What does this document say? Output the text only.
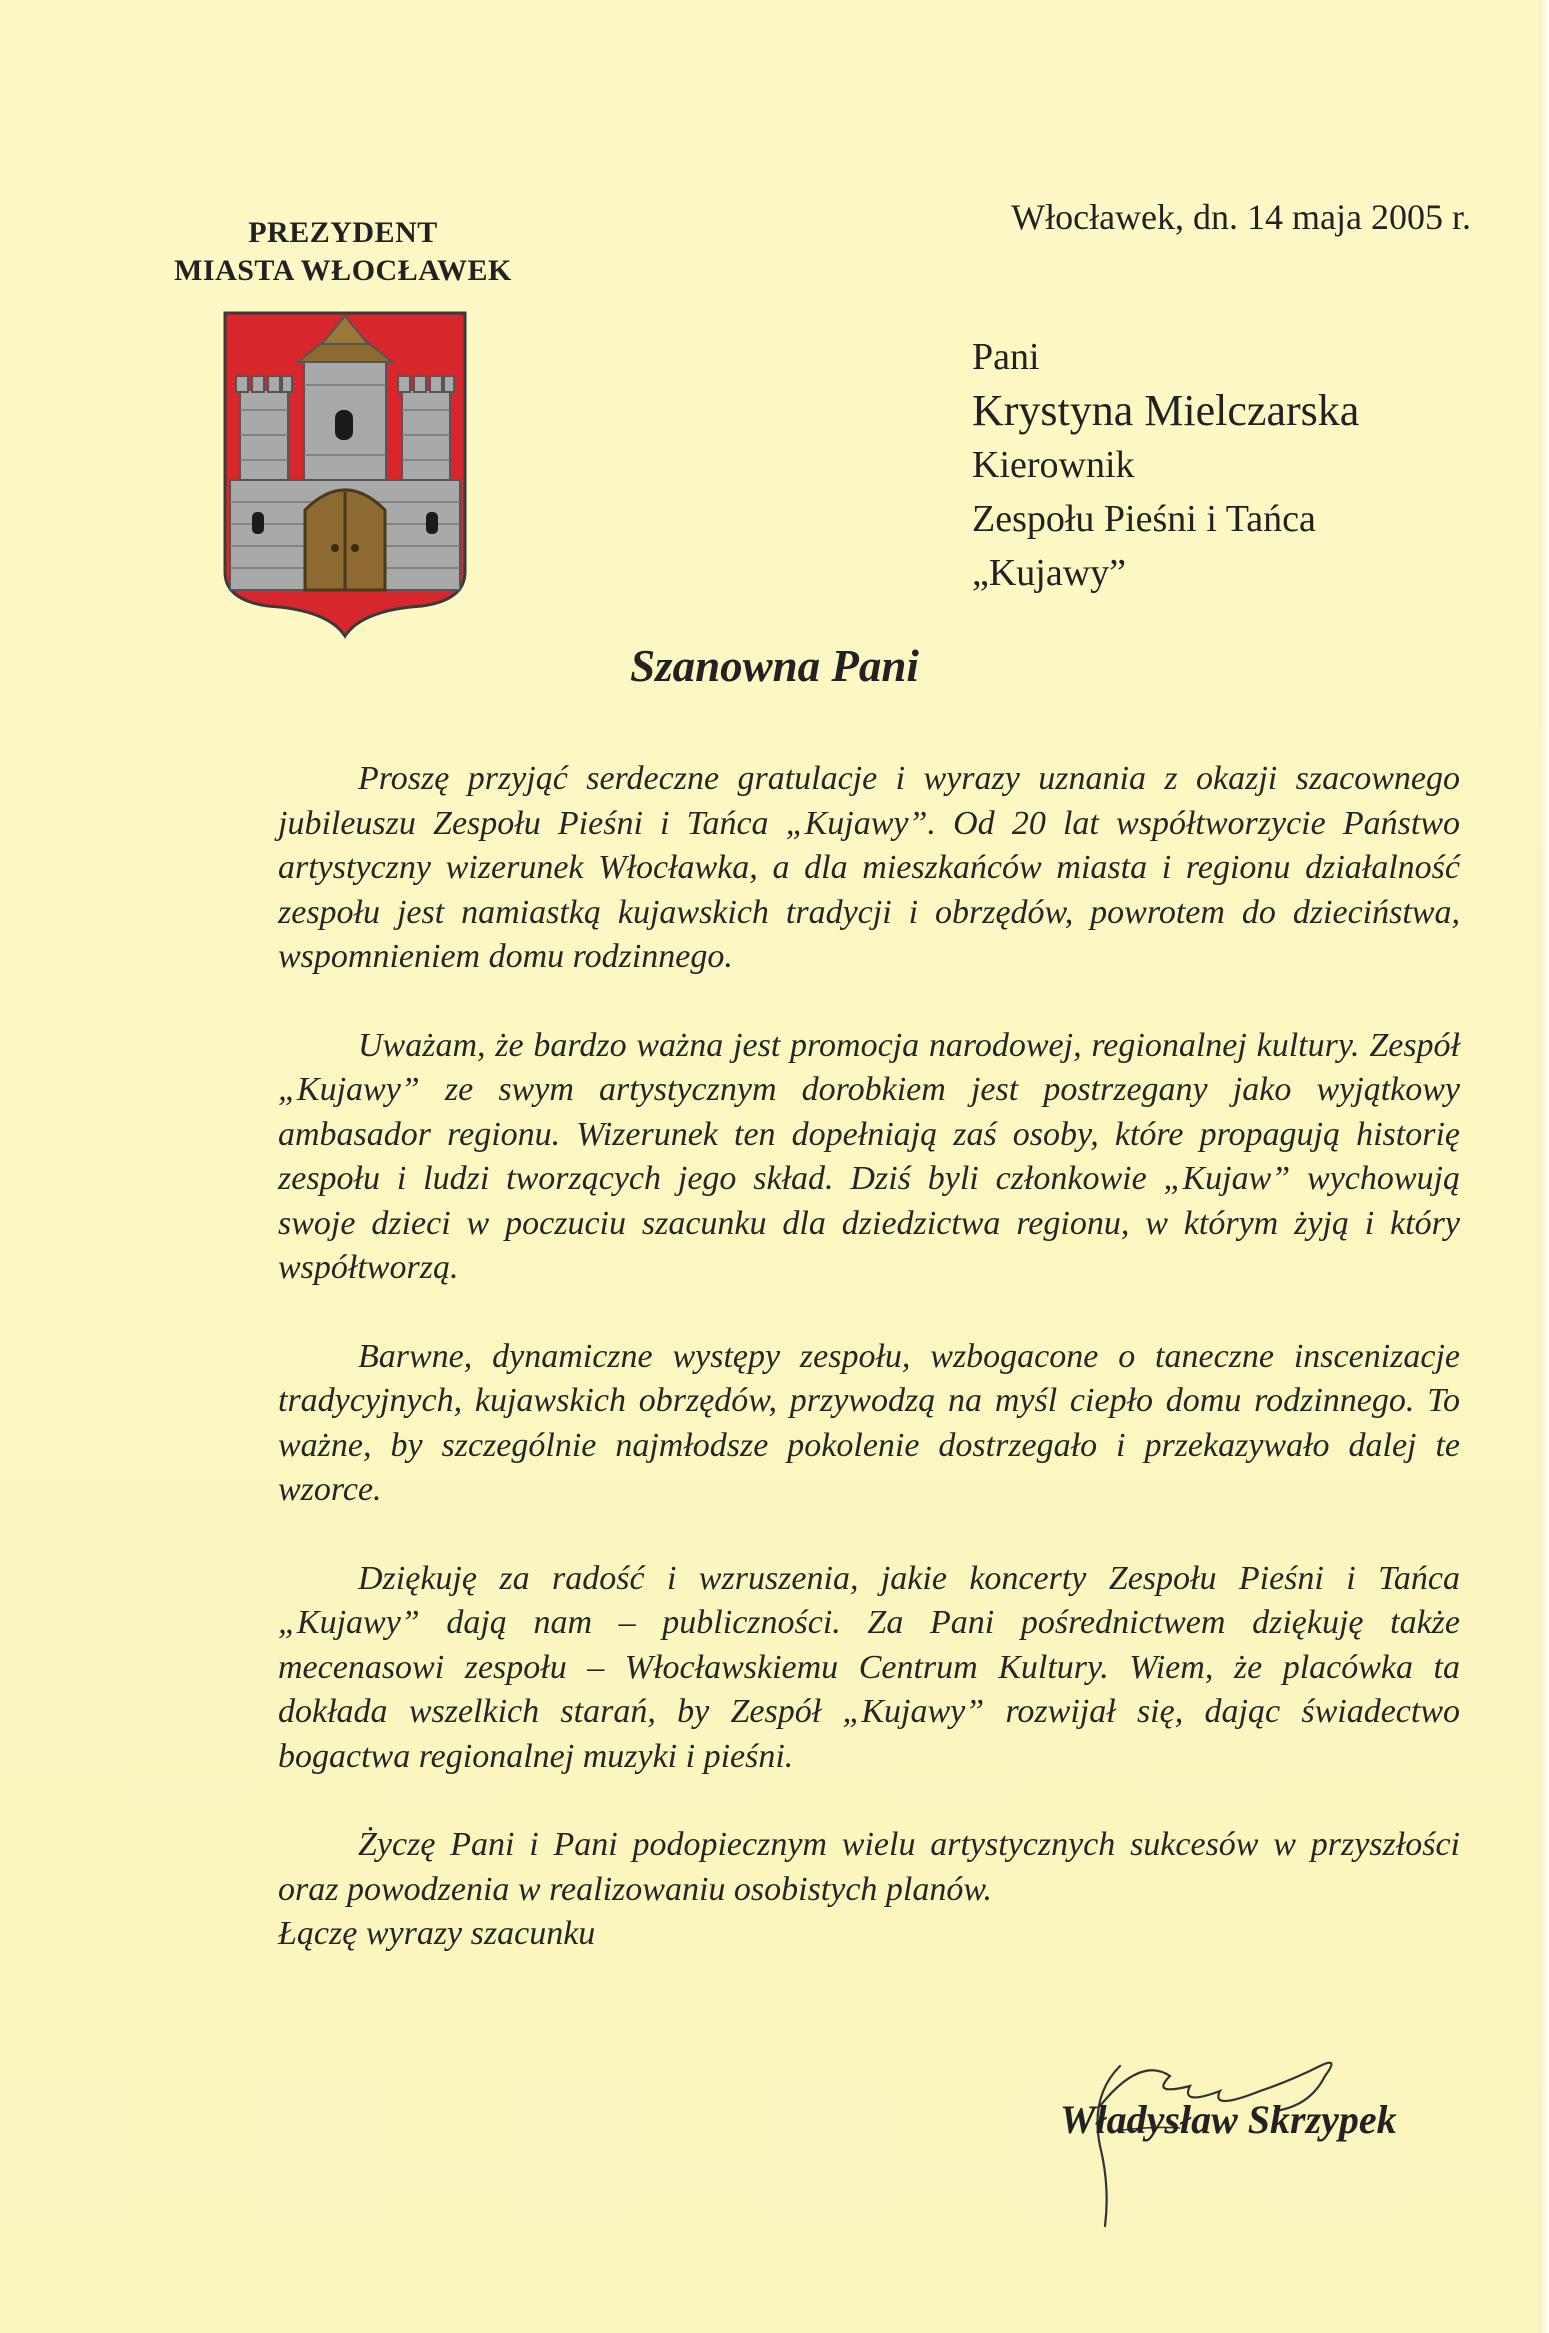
PREZYDENT
MIASTA WŁOCŁAWEK
Włocławek, dn. 14 maja 2005 r.
Pani
Krystyna Mielczarska
Kierownik
Zespołu Pieśni i Tańca
„Kujawy”
Szanowna Pani

Proszę przyjąć serdeczne gratulacje i wyrazy uznania z okazji szacownego jubileuszu Zespołu Pieśni i Tańca „Kujawy”. Od 20 lat współtworzycie Państwo artystyczny wizerunek Włocławka, a dla mieszkańców miasta i regionu działalność zespołu jest namiastką kujawskich tradycji i obrzędów, powrotem do dzieciństwa, wspomnieniem domu rodzinnego.

Uważam, że bardzo ważna jest promocja narodowej, regionalnej kultury. Zespół „Kujawy” ze swym artystycznym dorobkiem jest postrzegany jako wyjątkowy ambasador regionu. Wizerunek ten dopełniają zaś osoby, które propagują historię zespołu i ludzi tworzących jego skład. Dziś byli członkowie „Kujaw” wychowują swoje dzieci w poczuciu szacunku dla dziedzictwa regionu, w którym żyją i który współtworzą.

Barwne, dynamiczne występy zespołu, wzbogacone o taneczne inscenizacje tradycyjnych, kujawskich obrzędów, przywodzą na myśl ciepło domu rodzinnego. To ważne, by szczególnie najmłodsze pokolenie dostrzegało i przekazywało dalej te wzorce.

Dziękuję za radość i wzruszenia, jakie koncerty Zespołu Pieśni i Tańca „Kujawy” dają nam – publiczności. Za Pani pośrednictwem dziękuję także mecenasowi zespołu – Włocławskiemu Centrum Kultury. Wiem, że placówka ta dokłada wszelkich starań, by Zespół „Kujawy” rozwijał się, dając świadectwo bogactwa regionalnej muzyki i pieśni.

Życzę Pani i Pani podopiecznym wielu artystycznych sukcesów w przyszłości oraz powodzenia w realizowaniu osobistych planów.
Łączę wyrazy szacunku

Władysław Skrzypek
